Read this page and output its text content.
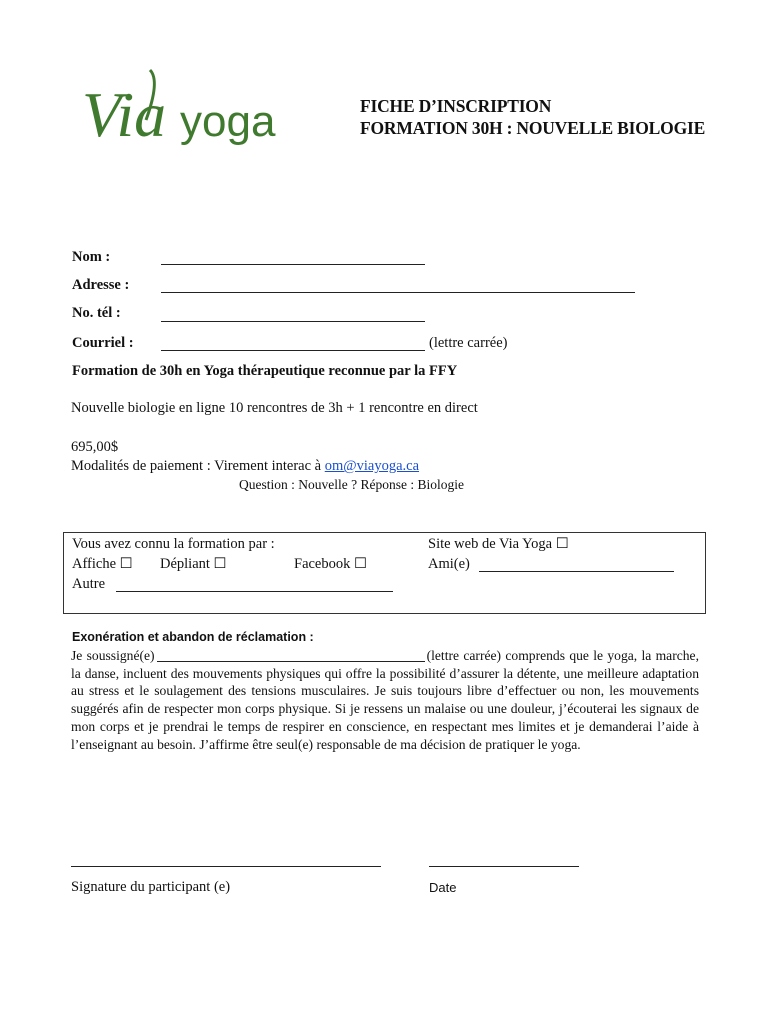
Via yoga	FICHE D’INSCRIPTION
FORMATION 30H : NOUVELLE BIOLOGIE
Nom :
Adresse :
No. tél :
Courriel :	(lettre carrée)
Formation de 30h en Yoga thérapeutique reconnue par la FFY
Nouvelle biologie en ligne 10 rencontres de 3h + 1 rencontre en direct
695,00$
Modalités de paiement : Virement interac à om@viayoga.ca
Question : Nouvelle ? Réponse : Biologie
Vous avez connu la formation par :
Affiche ☐ Dépliant ☐	Facebook ☐
Autre
Site web de Via Yoga ☐
Ami(e)
Exonération et abandon de réclamation :

Je soussigné(e)	(lettre carrée) comprends que le yoga, la marche, la danse, incluent des mouvements physiques qui offre la possibilité d’assurer la détente, une meilleure adaptation au stress et le soulagement des tensions musculaires. Je suis toujours libre d’effectuer ou non, les mouvements suggérés afin de respecter mon corps physique. Si je ressens un malaise ou une douleur, j’écouterai les signaux de mon corps et je prendrai le temps de respirer en conscience, en respectant mes limites et je demanderai l’aide à l’enseignant au besoin. J’affirme être seul(e) responsable de ma décision de pratiquer le yoga.

Signature du participant (e)	Date
